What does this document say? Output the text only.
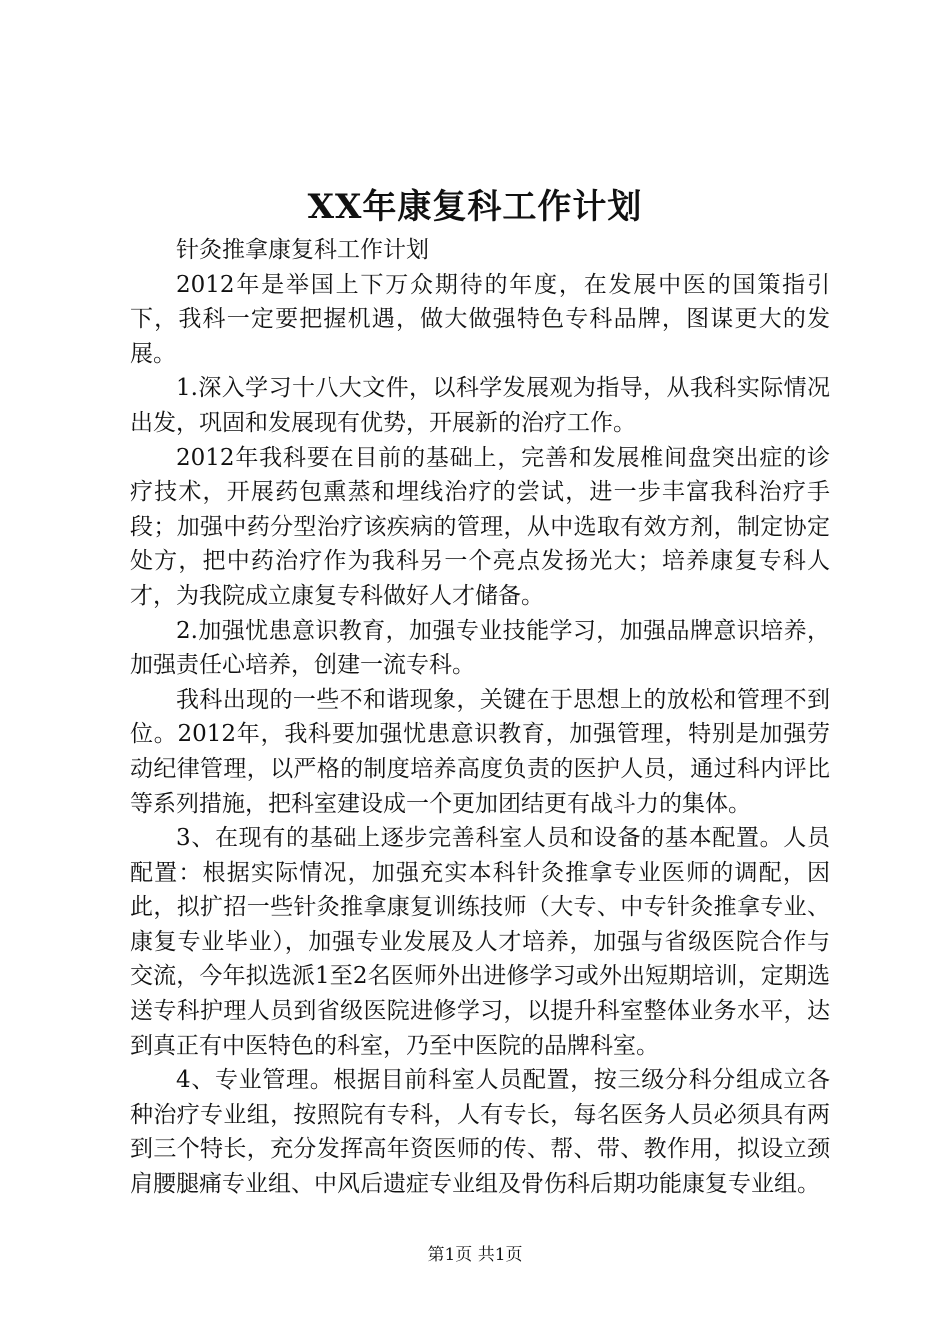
XX年康复科工作计划

针灸推拿康复科工作计划

2012年是举国上下万众期待的年度，在发展中医的国策指引下，我科一定要把握机遇，做大做强特色专科品牌，图谋更大的发展。

1.深入学习十八大文件，以科学发展观为指导，从我科实际情况出发，巩固和发展现有优势，开展新的治疗工作。

2012年我科要在目前的基础上，完善和发展椎间盘突出症的诊疗技术，开展药包熏蒸和埋线治疗的尝试，进一步丰富我科治疗手段；加强中药分型治疗该疾病的管理，从中选取有效方剂，制定协定处方，把中药治疗作为我科另一个亮点发扬光大；培养康复专科人才，为我院成立康复专科做好人才储备。

2.加强忧患意识教育，加强专业技能学习，加强品牌意识培养，加强责任心培养，创建一流专科。

我科出现的一些不和谐现象，关键在于思想上的放松和管理不到位。2012年，我科要加强忧患意识教育，加强管理，特别是加强劳动纪律管理，以严格的制度培养高度负责的医护人员，通过科内评比等系列措施，把科室建设成一个更加团结更有战斗力的集体。

3、在现有的基础上逐步完善科室人员和设备的基本配置。人员配置：根据实际情况，加强充实本科针灸推拿专业医师的调配，因此，拟扩招一些针灸推拿康复训练技师（大专、中专针灸推拿专业、康复专业毕业），加强专业发展及人才培养，加强与省级医院合作与交流，今年拟选派1至2名医师外出进修学习或外出短期培训，定期选送专科护理人员到省级医院进修学习，以提升科室整体业务水平，达到真正有中医特色的科室，乃至中医院的品牌科室。

4、专业管理。根据目前科室人员配置，按三级分科分组成立各种治疗专业组，按照院有专科，人有专长，每名医务人员必须具有两到三个特长，充分发挥高年资医师的传、帮、带、教作用，拟设立颈肩腰腿痛专业组、中风后遗症专业组及骨伤科后期功能康复专业组。

第1页 共1页
